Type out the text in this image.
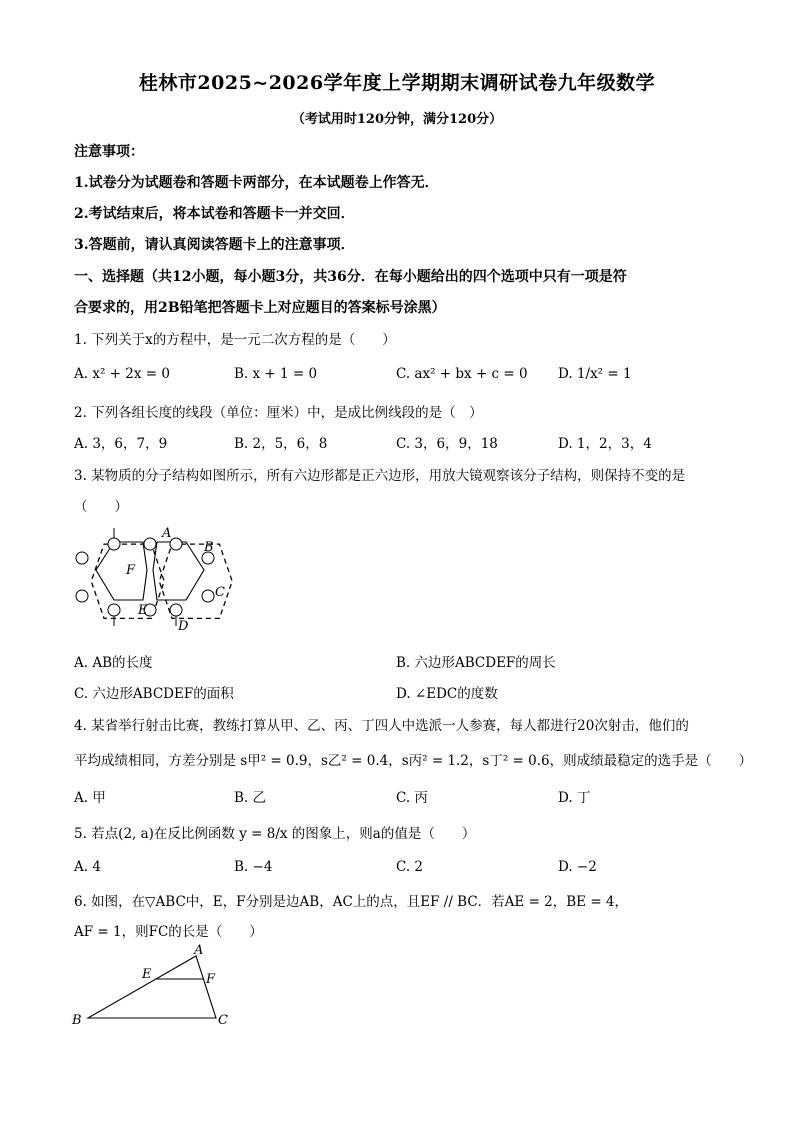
桂林市2025~2026学年度上学期期末调研试卷九年级数学
（考试用时120分钟，满分120分）
注意事项：
1.试卷分为试题卷和答题卡两部分，在本试题卷上作答无．
2.考试结束后，将本试卷和答题卡一并交回．
3.答题前，请认真阅读答题卡上的注意事项．
一、选择题（共12小题，每小题3分，共36分．在每小题给出的四个选项中只有一项是符
合要求的，用2B铅笔把答题卡上对应题目的答案标号涂黑）
1. 下列关于x的方程中，是一元二次方程的是（　　）
A. x² + 2x = 0	B. x + 1 = 0	C. ax² + bx + c = 0 D. 1/x² = 1
2. 下列各组长度的线段（单位：厘米）中，是成比例线段的是（　）
A. 3，6，7，9	B. 2，5，6，8	C. 3，6，9，18	D. 1，2，3，4
3. 某物质的分子结构如图所示，所有六边形都是正六边形，用放大镜观察该分子结构，则保持不变的是
（　　）
A
B
C
D
E
F
A. AB的长度	B. 六边形ABCDEF的周长
C. 六边形ABCDEF的面积	D. ∠EDC的度数
4. 某省举行射击比赛，教练打算从甲、乙、丙、丁四人中选派一人参赛，每人都进行20次射击，他们的
平均成绩相同，方差分别是 s甲² = 0.9，s乙² = 0.4，s丙² = 1.2，s丁² = 0.6，则成绩最稳定的选手是（　　）
A. 甲	B. 乙	C. 丙	D. 丁
5. 若点(2, a)在反比例函数 y = 8/x 的图象上，则a的值是（　　）
A. 4	B. −4	C. 2	D. −2
6. 如图，在▽ABC中，E，F分别是边AB，AC上的点，且EF // BC．若AE = 2，BE = 4，
AF = 1，则FC的长是（　　）
A
E	F
B	C
